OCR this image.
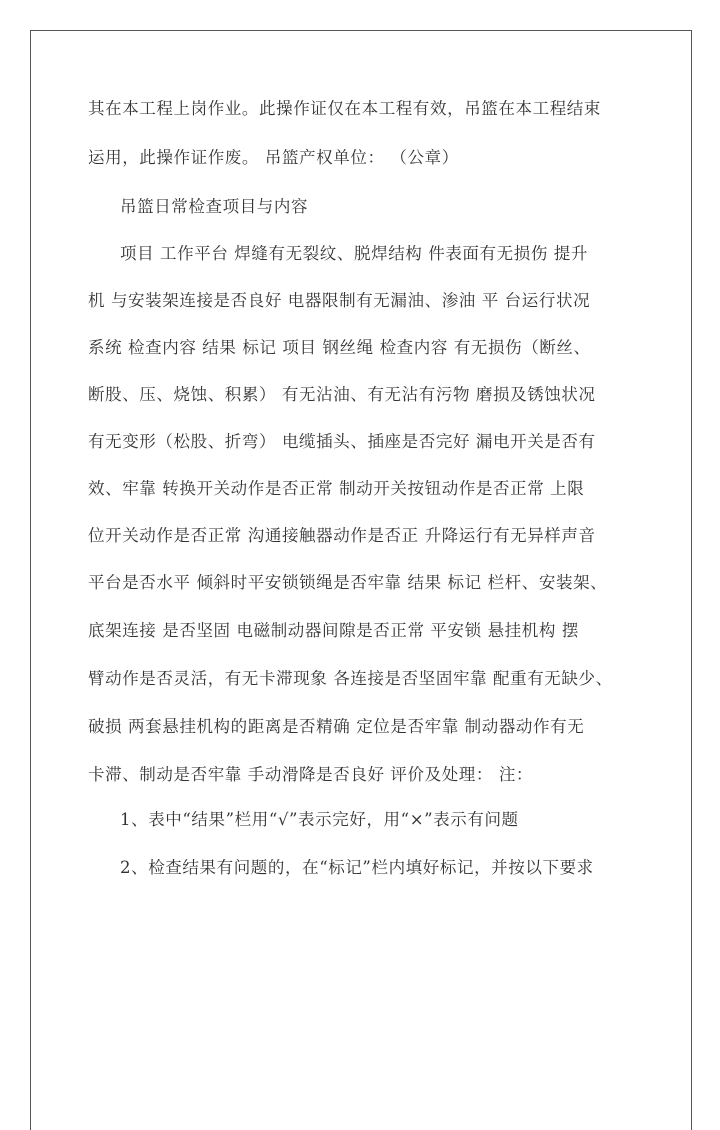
其在本工程上岗作业。此操作证仅在本工程有效，吊篮在本工程结束
运用，此操作证作废。 吊篮产权单位： （公章）
吊篮日常检查项目与内容
项目 工作平台 焊缝有无裂纹、脱焊结构 件表面有无损伤 提升
机 与安装架连接是否良好 电器限制有无漏油、渗油 平 台运行状况
系统 检查内容 结果 标记 项目 钢丝绳 检查内容 有无损伤（断丝、
断股、压、烧蚀、积累） 有无沾油、有无沾有污物 磨损及锈蚀状况
有无变形（松股、折弯） 电缆插头、插座是否完好 漏电开关是否有
效、牢靠 转换开关动作是否正常 制动开关按钮动作是否正常 上限
位开关动作是否正常 沟通接触器动作是否正 升降运行有无异样声音
平台是否水平 倾斜时平安锁锁绳是否牢靠 结果 标记 栏杆、安装架、
底架连接 是否坚固 电磁制动器间隙是否正常 平安锁 悬挂机构 摆
臂动作是否灵活，有无卡滞现象 各连接是否坚固牢靠 配重有无缺少、
破损 两套悬挂机构的距离是否精确 定位是否牢靠 制动器动作有无
卡滞、制动是否牢靠 手动滑降是否良好 评价及处理： 注：
1、表中“结果”栏用“√”表示完好，用“×”表示有问题
2、检查结果有问题的，在“标记”栏内填好标记，并按以下要求
